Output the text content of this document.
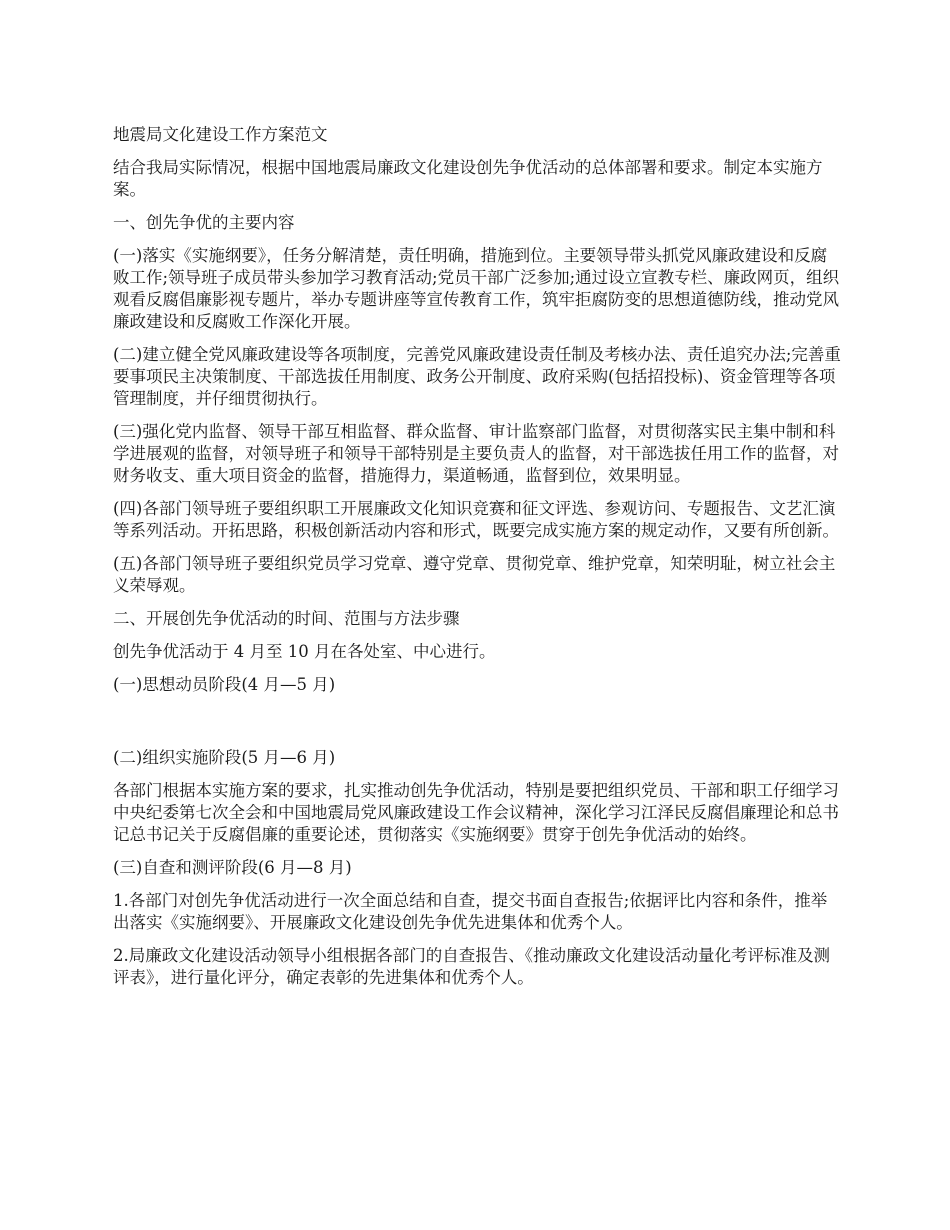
地震局文化建设工作方案范文

结合我局实际情况，根据中国地震局廉政文化建设创先争优活动的总体部署和要求。制定本实施方案。

一、创先争优的主要内容

(一)落实《实施纲要》，任务分解清楚，责任明确，措施到位。主要领导带头抓党风廉政建设和反腐败工作;领导班子成员带头参加学习教育活动;党员干部广泛参加;通过设立宣教专栏、廉政网页，组织观看反腐倡廉影视专题片，举办专题讲座等宣传教育工作，筑牢拒腐防变的思想道德防线，推动党风廉政建设和反腐败工作深化开展。

(二)建立健全党风廉政建设等各项制度，完善党风廉政建设责任制及考核办法、责任追究办法;完善重要事项民主决策制度、干部选拔任用制度、政务公开制度、政府采购(包括招投标)、资金管理等各项管理制度，并仔细贯彻执行。

(三)强化党内监督、领导干部互相监督、群众监督、审计监察部门监督，对贯彻落实民主集中制和科学进展观的监督，对领导班子和领导干部特别是主要负责人的监督，对干部选拔任用工作的监督，对财务收支、重大项目资金的监督，措施得力，渠道畅通，监督到位，效果明显。

(四)各部门领导班子要组织职工开展廉政文化知识竞赛和征文评选、参观访问、专题报告、文艺汇演等系列活动。开拓思路，积极创新活动内容和形式，既要完成实施方案的规定动作，又要有所创新。

(五)各部门领导班子要组织党员学习党章、遵守党章、贯彻党章、维护党章，知荣明耻，树立社会主义荣辱观。

二、开展创先争优活动的时间、范围与方法步骤

创先争优活动于 4 月至 10 月在各处室、中心进行。

(一)思想动员阶段(4 月—5 月)

(二)组织实施阶段(5 月—6 月)

各部门根据本实施方案的要求，扎实推动创先争优活动，特别是要把组织党员、干部和职工仔细学习中央纪委第七次全会和中国地震局党风廉政建设工作会议精神，深化学习江泽民反腐倡廉理论和总书记总书记关于反腐倡廉的重要论述，贯彻落实《实施纲要》贯穿于创先争优活动的始终。

(三)自查和测评阶段(6 月—8 月)

1.各部门对创先争优活动进行一次全面总结和自查，提交书面自查报告;依据评比内容和条件，推举出落实《实施纲要》、开展廉政文化建设创先争优先进集体和优秀个人。

2.局廉政文化建设活动领导小组根据各部门的自查报告、《推动廉政文化建设活动量化考评标准及测评表》，进行量化评分，确定表彰的先进集体和优秀个人。
